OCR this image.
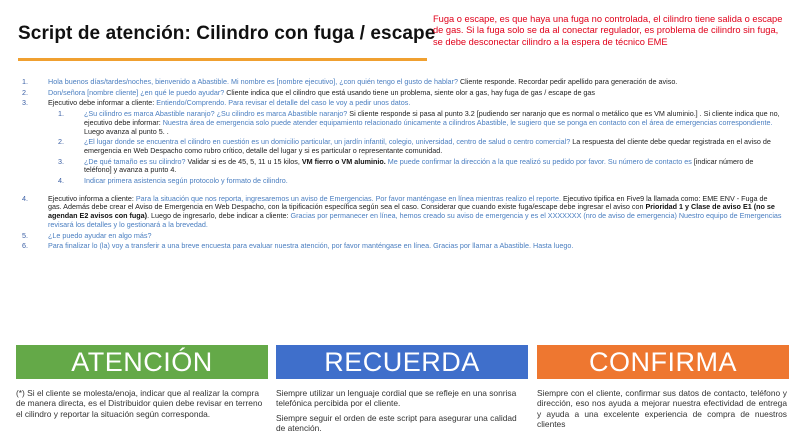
Script de atención: Cilindro con fuga / escape
Fuga o escape, es que haya una fuga no controlada, el cilindro tiene salida o escape de gas. Si la fuga solo se da al conectar regulador, es problema de cilindro sin fuga, se debe desconectar cilindro a la espera de técnico EME
1.	Hola buenos días/tardes/noches, bienvenido a Abastible. Mi nombre es [nombre ejecutivo], ¿con quién tengo el gusto de hablar? Cliente responde. Recordar pedir apellido para generación de aviso.
2.	Don/señora [nombre cliente] ¿en qué le puedo ayudar? Cliente indica que el cilindro que está usando tiene un problema, siente olor a gas, hay fuga de gas / escape de gas
3.	Ejecutivo debe informar a cliente: Entiendo/Comprendo. Para revisar el detalle del caso le voy a pedir unos datos.
1.	¿Su cilindro es marca Abastible naranjo? ¿Su cilindro es marca Abastible naranjo? Si cliente responde si pasa al punto 3.2 [pudiendo ser naranjo que es normal o metálico que es VM aluminio.] . Si cliente indica que no, ejecutivo debe informar: Nuestra área de emergencia solo puede atender equipamiento relacionado únicamente a cilindros Abastible, le sugiero que se ponga en contacto con el área de emergencias correspondiente. Luego avanza al punto 5. .
2.	¿El lugar donde se encuentra el cilindro en cuestión es un domicilio particular, un jardín infantil, colegio, universidad, centro de salud o centro comercial? La respuesta del cliente debe quedar registrada en el aviso de emergencia en Web Despacho como rubro crítico, detalle del lugar y si es particular o representante comunidad.
3.	¿De qué tamaño es su cilindro? Validar si es de 45, 5, 11 u 15 kilos, VM fierro o VM aluminio. Me puede confirmar la dirección a la que realizó su pedido por favor. Su número de contacto es [indicar número de teléfono] y avanza a punto 4.
4.	Indicar primera asistencia según protocolo y formato de cilindro.
4.	Ejecutivo informa a cliente: Para la situación que nos reporta, ingresaremos un aviso de Emergencias. Por favor manténgase en línea mientras realizo el reporte. Ejecutivo tipifica en Five9 la llamada como: EME ENV - Fuga de gas. Además debe crear el Aviso de Emergencia en Web Despacho, con la tipificación específica según sea el caso. Considerar que cuando existe fuga/escape debe ingresar el aviso con Prioridad 1 y Clase de aviso E1 (no se agendan E2 avisos con fuga). Luego de ingresarlo, debe indicar a cliente: Gracias por permanecer en línea, hemos creado su aviso de emergencia y es el XXXXXXX (nro de aviso de emergencia) Nuestro equipo de Emergencias revisará los detalles y lo gestionará a la brevedad.
5.	¿Le puedo ayudar en algo más?
6.	Para finalizar lo (la) voy a transferir a una breve encuesta para evaluar nuestra atención, por favor manténgase en línea. Gracias por llamar a Abastible. Hasta luego.
ATENCIÓN	RECUERDA	CONFIRMA

(*) Si el cliente se molesta/enoja, indicar que al realizar la compra de manera directa, es el Distribuidor quien debe revisar en terreno el cilindro y reportar la situación según corresponda.

Siempre utilizar un lenguaje cordial que se refleje en una sonrisa telefónica percibida por el cliente.

Siempre seguir el orden de este script para asegurar una calidad de atención.

Siempre con el cliente, confirmar sus datos de contacto, teléfono y dirección, eso nos ayuda a mejorar nuestra efectividad de entrega y ayuda a una excelente experiencia de compra de nuestros clientes
